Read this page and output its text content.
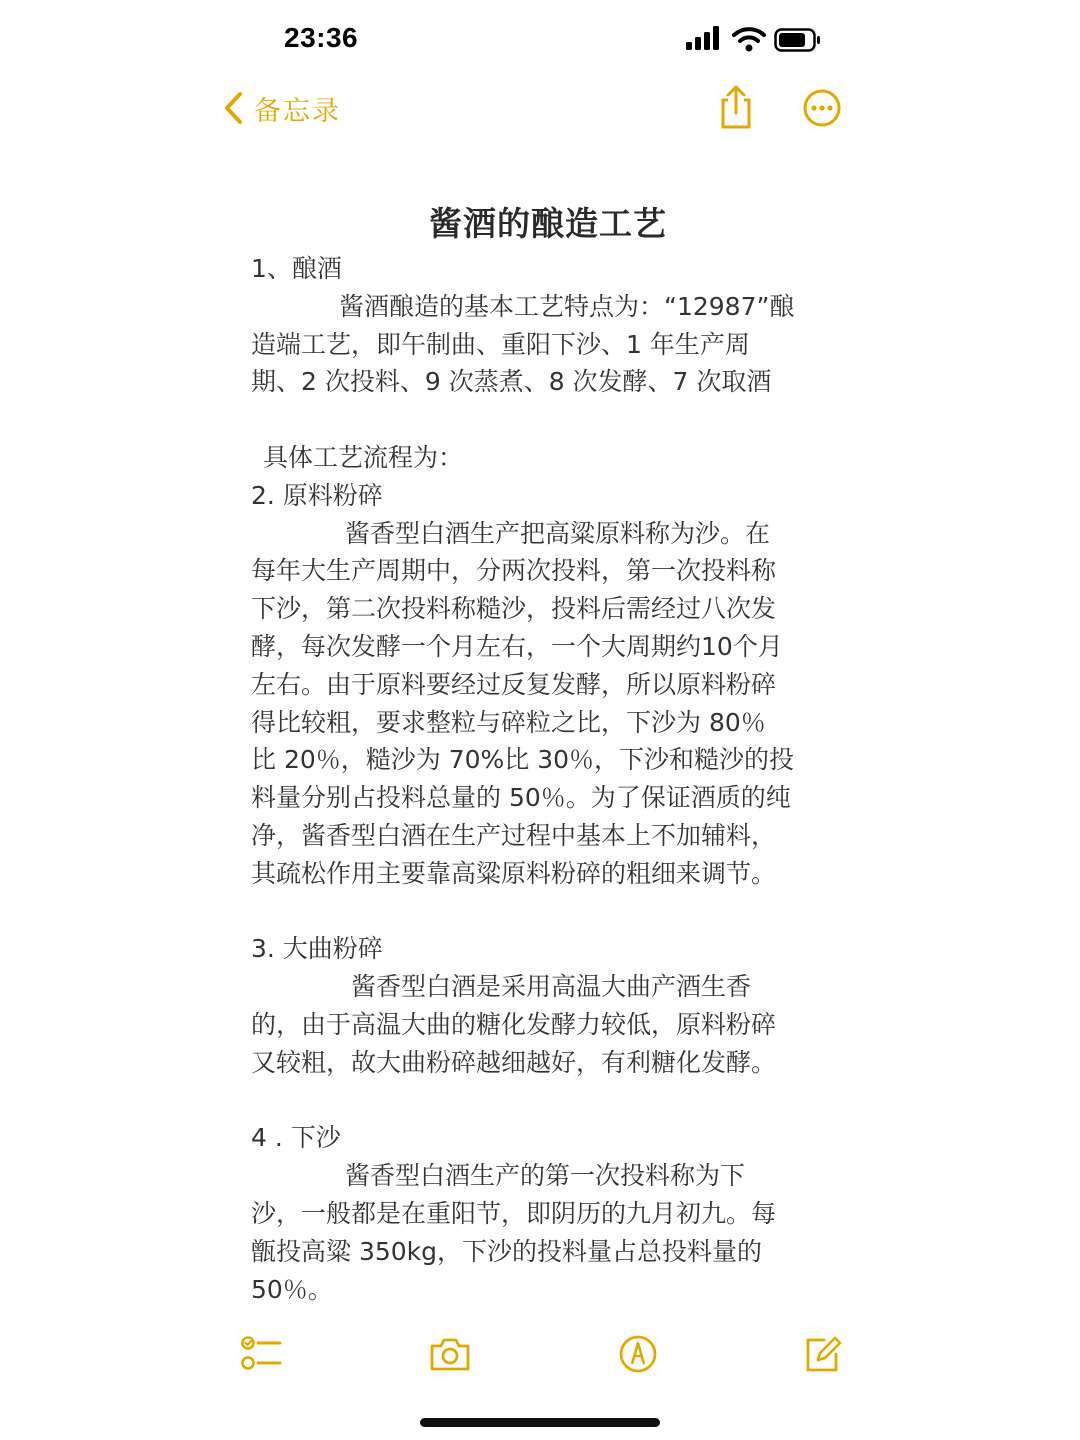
23:36
备忘录
酱酒的酿造工艺
1、酿酒
酱酒酿造的基本工艺特点为：“12987”酿
造端工艺，即午制曲、重阳下沙、1 年生产周
期、2 次投料、9 次蒸煮、8 次发酵、7 次取酒
具体工艺流程为：
2. 原料粉碎
酱香型白酒生产把高粱原料称为沙。在
每年大生产周期中，分两次投料，第一次投料称
下沙，第二次投料称糙沙，投料后需经过八次发
酵，每次发酵一个月左右，一个大周期约10个月
左右。由于原料要经过反复发酵，所以原料粉碎
得比较粗，要求整粒与碎粒之比，下沙为 80％
比 20％，糙沙为 70%比 30％，下沙和糙沙的投
料量分别占投料总量的 50％。为了保证酒质的纯
净，酱香型白酒在生产过程中基本上不加辅料，
其疏松作用主要靠高粱原料粉碎的粗细来调节。
3. 大曲粉碎
酱香型白酒是采用高温大曲产酒生香
的，由于高温大曲的糖化发酵力较低，原料粉碎
又较粗，故大曲粉碎越细越好，有利糖化发酵。
4 . 下沙
酱香型白酒生产的第一次投料称为下
沙，一般都是在重阳节，即阴历的九月初九。每
甑投高粱 350kg，下沙的投料量占总投料量的
50％。
